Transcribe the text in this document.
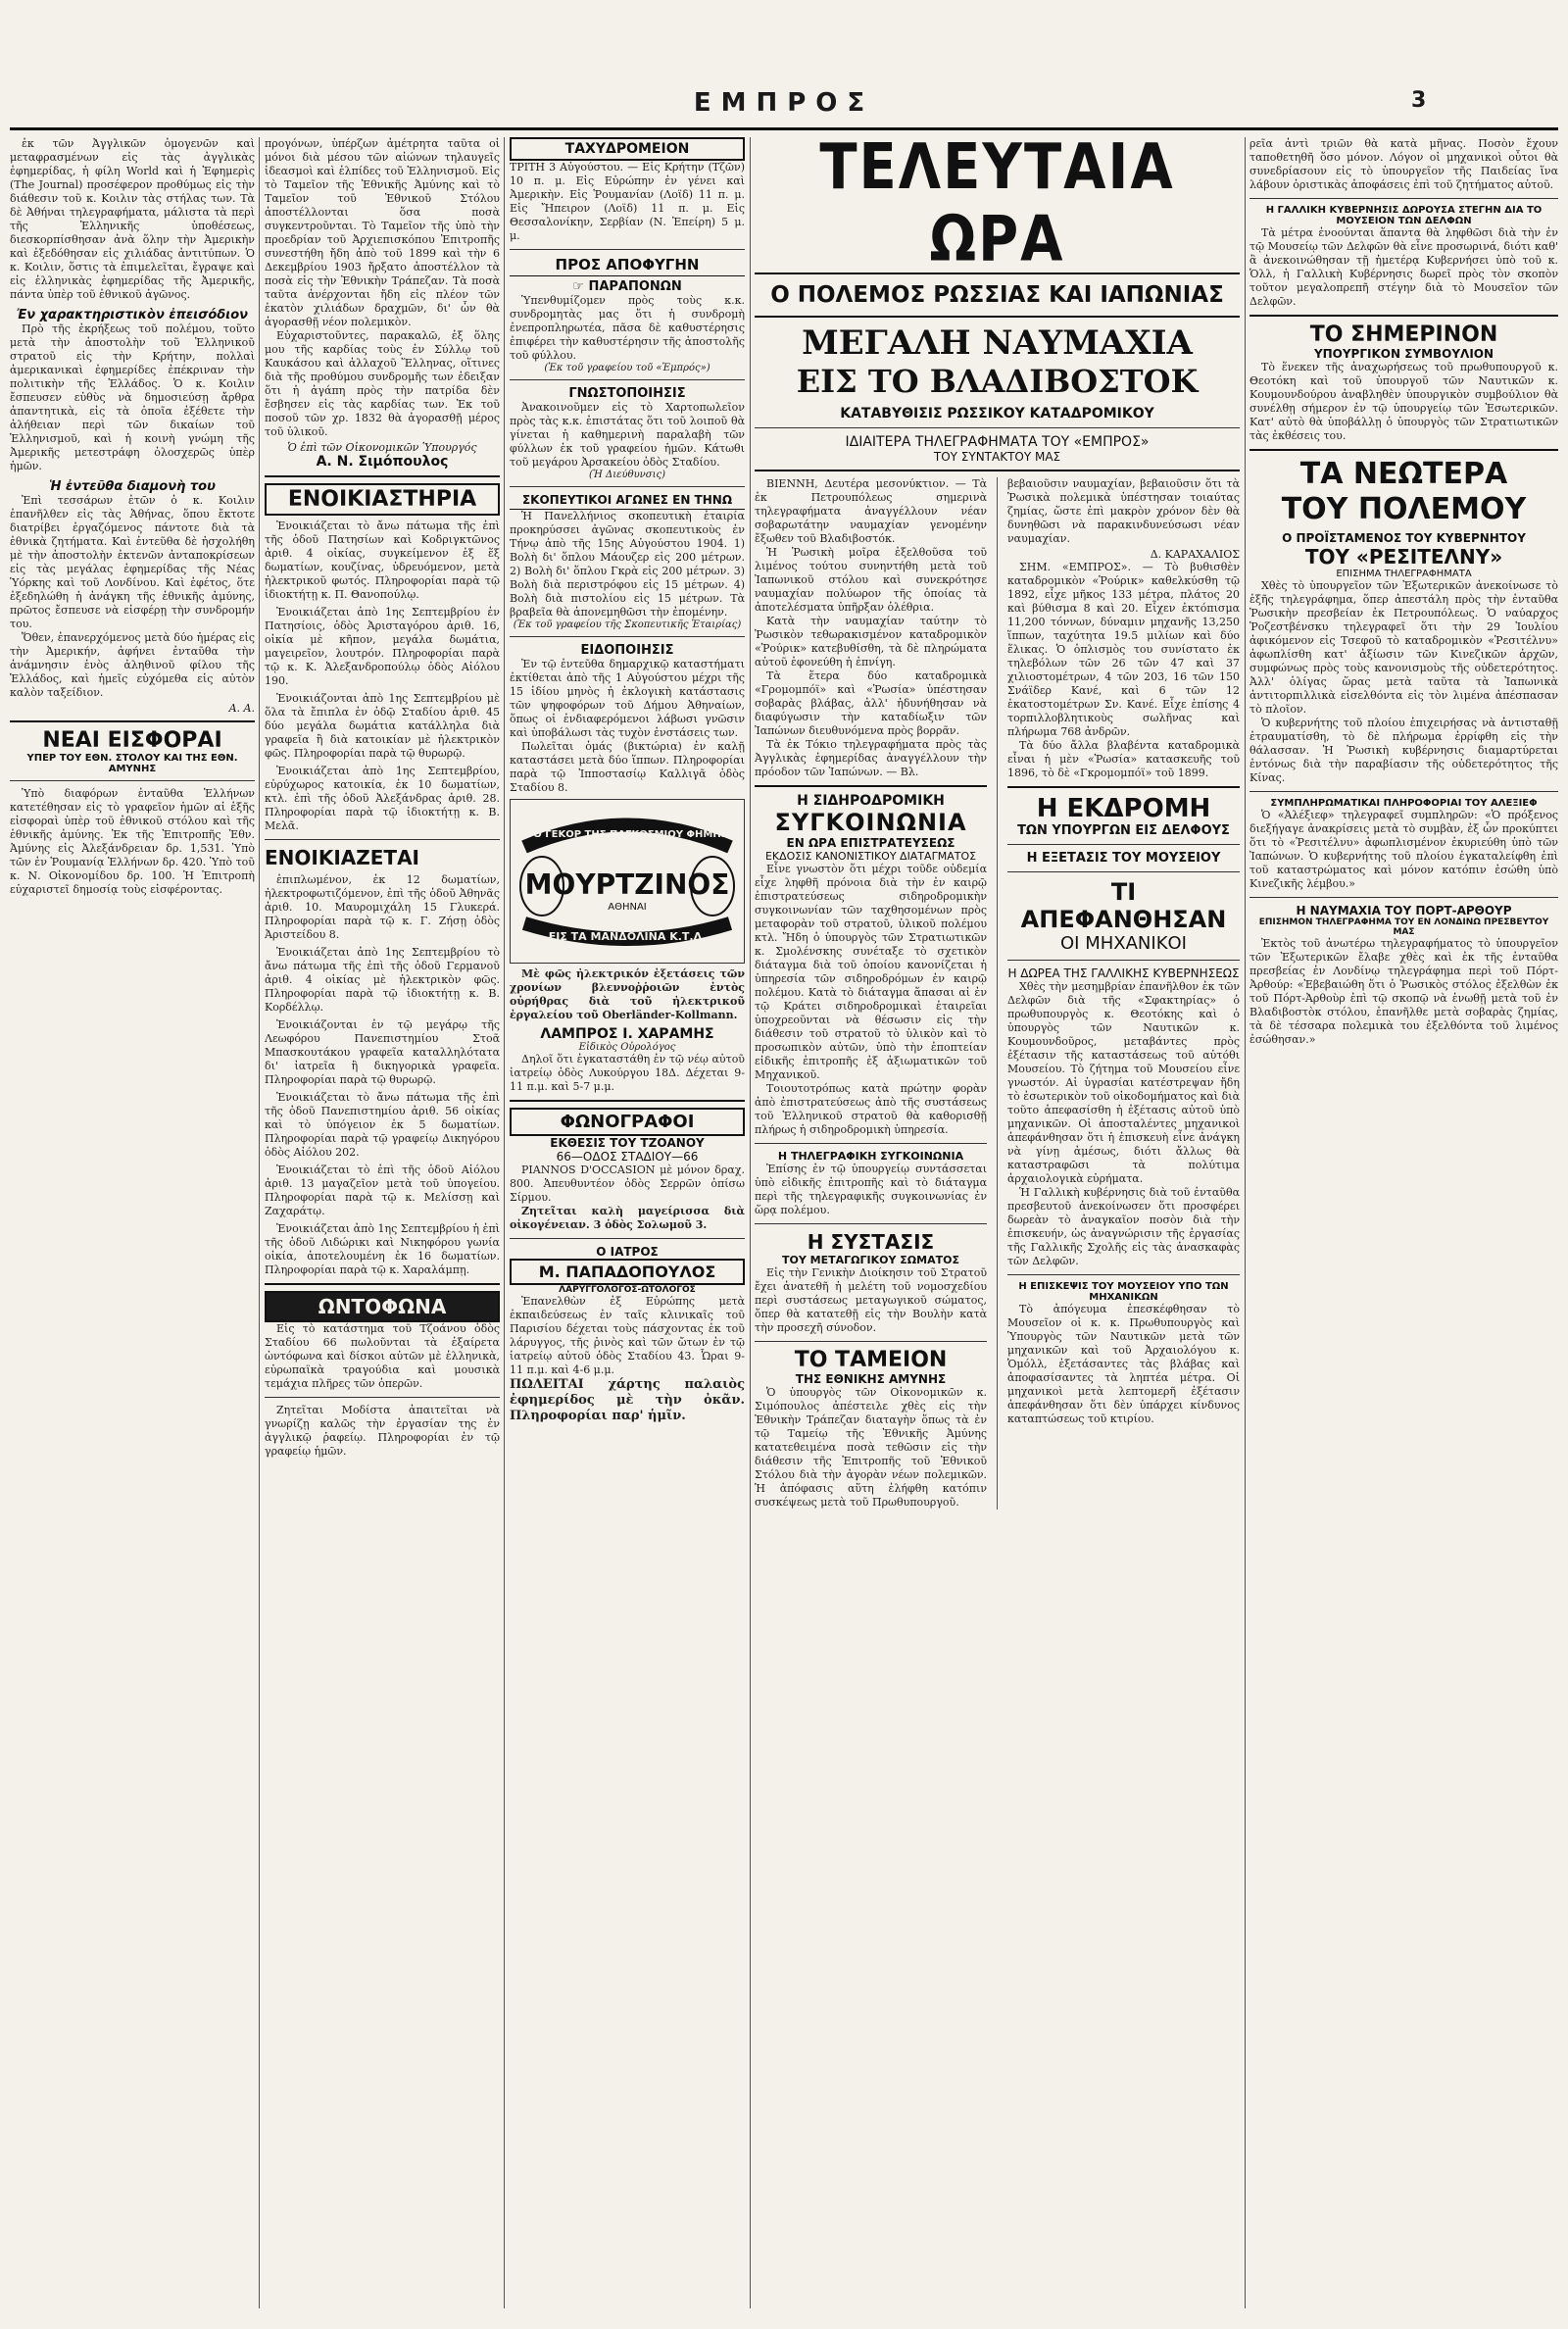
ΕΜΠΡΟΣ	3

ἐκ τῶν Ἀγγλικῶν ὁμογενῶν καὶ μεταφρασμένων εἰς τὰς ἀγγλικὰς ἐφημερίδας, ἡ φίλη World καὶ ἡ Ἐφημερὶς (The Journal) προσέφερον προθύμως εἰς τὴν διάθεσιν τοῦ κ. Κοιλιν τὰς στήλας των. Τὰ δὲ Ἀθήναι τηλεγραφήματα, μάλιστα τὰ περὶ τῆς Ἑλληνικῆς ὑποθέσεως, διεσκορπίσθησαν ἀνὰ ὅλην τὴν Ἀμερικὴν καὶ ἐξεδόθησαν εἰς χιλιάδας ἀντιτύπων. Ὁ κ. Κοιλιν, ὅστις τὰ ἐπιμελεῖται, ἔγραψε καὶ εἰς ἑλληνικὰς ἐφημερίδας τῆς Ἀμερικῆς, πάντα ὑπὲρ τοῦ ἐθνικοῦ ἀγῶνος.

Ἐν χαρακτηριστικὸν ἐπεισόδιον

Πρὸ τῆς ἐκρήξεως τοῦ πολέμου, τοῦτο μετὰ τὴν ἀποστολὴν τοῦ Ἑλληνικοῦ στρατοῦ εἰς τὴν Κρήτην, πολλαὶ ἀμερικανικαὶ ἐφημερίδες ἐπέκριναν τὴν πολιτικὴν τῆς Ἑλλάδος. Ὁ κ. Κοιλιν ἔσπευσεν εὐθὺς νὰ δημοσιεύσῃ ἄρθρα ἀπαντητικὰ, εἰς τὰ ὁποῖα ἐξέθετε τὴν ἀλήθειαν περὶ τῶν δικαίων τοῦ Ἑλληνισμοῦ, καὶ ἡ κοινὴ γνώμη τῆς Ἀμερικῆς μετεστράφη ὁλοσχερῶς ὑπὲρ ἡμῶν.

Ἡ ἐντεῦθα διαμονὴ του

Ἐπὶ τεσσάρων ἐτῶν ὁ κ. Κοιλιν ἐπανῆλθεν εἰς τὰς Ἀθήνας, ὅπου ἔκτοτε διατρίβει ἐργαζόμενος πάντοτε διὰ τὰ ἐθνικὰ ζητήματα. Καὶ ἐντεῦθα δὲ ἠσχολήθη μὲ τὴν ἀποστολὴν ἐκτενῶν ἀνταποκρίσεων εἰς τὰς μεγάλας ἐφημερίδας τῆς Νέας Ὑόρκης καὶ τοῦ Λονδίνου. Καὶ ἐφέτος, ὅτε ἐξεδηλώθη ἡ ἀνάγκη τῆς ἐθνικῆς ἀμύνης, πρῶτος ἔσπευσε νὰ εἰσφέρῃ τὴν συνδρομήν του.

Ὅθεν, ἐπανερχόμενος μετὰ δύο ἡμέρας εἰς τὴν Ἀμερικήν, ἀφήνει ἐνταῦθα τὴν ἀνάμνησιν ἑνὸς ἀληθινοῦ φίλου τῆς Ἑλλάδος, καὶ ἡμεῖς εὐχόμεθα εἰς αὐτὸν καλὸν ταξείδιον.

Α. Α.
ΝΕΑΙ ΕΙΣΦΟΡΑΙ
ΥΠΕΡ ΤΟΥ ΕΘΝ. ΣΤΟΛΟΥ ΚΑΙ ΤΗΣ ΕΘΝ. ΑΜΥΝΗΣ

Ὑπὸ διαφόρων ἐνταῦθα Ἑλλήνων κατετέθησαν εἰς τὸ γραφεῖον ἡμῶν αἱ ἑξῆς εἰσφοραὶ ὑπὲρ τοῦ ἐθνικοῦ στόλου καὶ τῆς ἐθνικῆς ἀμύνης. Ἐκ τῆς Ἐπιτροπῆς Ἐθν. Ἀμύνης εἰς Ἀλεξάνδρειαν δρ. 1,531. Ὑπὸ τῶν ἐν Ῥουμανίᾳ Ἑλλήνων δρ. 420. Ὑπὸ τοῦ κ. Ν. Οἰκονομίδου δρ. 100. Ἡ Ἐπιτροπὴ εὐχαριστεῖ δημοσίᾳ τοὺς εἰσφέροντας.

προγόνων, ὑπέρζων ἀμέτρητα ταῦτα οἱ μόνοι διὰ μέσου τῶν αἰώνων τηλαυγεῖς ἰδεασμοὶ καὶ ἐλπίδες τοῦ Ἑλληνισμοῦ. Εἰς τὸ Ταμεῖον τῆς Ἐθνικῆς Ἀμύνης καὶ τὸ Ταμεῖον τοῦ Ἐθνικοῦ Στόλου ἀποστέλλονται ὅσα ποσὰ συγκεντροῦνται. Τὸ Ταμεῖον τῆς ὑπὸ τὴν προεδρίαν τοῦ Ἀρχιεπισκόπου Ἐπιτροπῆς συνεστήθη ἤδη ἀπὸ τοῦ 1899 καὶ τὴν 6 Δεκεμβρίου 1903 ἤρξατο ἀποστέλλον τὰ ποσὰ εἰς τὴν Ἐθνικὴν Τράπεζαν. Τὰ ποσὰ ταῦτα ἀνέρχονται ἤδη εἰς πλέον τῶν ἑκατὸν χιλιάδων δραχμῶν, δι' ὧν θὰ ἀγορασθῇ νέον πολεμικὸν.

Εὐχαριστοῦντες, παρακαλῶ, ἐξ ὅλης μου τῆς καρδίας τοὺς ἐν Σύλλῳ τοῦ Καυκάσου καὶ ἀλλαχοῦ Ἕλληνας, οἵτινες διὰ τῆς προθύμου συνδρομῆς των ἐδειξαν ὅτι ἡ ἀγάπη πρὸς τὴν πατρίδα δὲν ἔσβησεν εἰς τὰς καρδίας των. Ἐκ τοῦ ποσοῦ τῶν χρ. 1832 θὰ ἀγορασθῇ μέρος τοῦ ὑλικοῦ.

Ὁ ἐπὶ τῶν Οἰκονομικῶν Ὑπουργός
Α. Ν. Σιμόπουλος
ΕΝΟΙΚΙΑΣΤΗΡΙΑ

Ἐνοικιάζεται τὸ ἄνω πάτωμα τῆς ἐπὶ τῆς ὁδοῦ Πατησίων καὶ Κοδριγκτῶνος ἀριθ. 4 οἰκίας, συγκείμενον ἐξ ἕξ δωματίων, κουζίνας, ὑδρευόμενον, μετὰ ἠλεκτρικοῦ φωτός. Πληροφορίαι παρὰ τῷ ἰδιοκτήτῃ κ. Π. Θανοπούλῳ.

Ἐνοικιάζεται ἀπὸ 1ης Σεπτεμβρίου ἐν Πατησίοις, ὁδὸς Ἀρισταγόρου ἀριθ. 16, οἰκία μὲ κῆπον, μεγάλα δωμάτια, μαγειρεῖον, λουτρόν. Πληροφορίαι παρὰ τῷ κ. Κ. Ἀλεξανδροπούλῳ ὁδὸς Αἰόλου 190.

Ἐνοικιάζονται ἀπὸ 1ης Σεπτεμβρίου μὲ ὅλα τὰ ἔπιπλα ἐν ὁδῷ Σταδίου ἀριθ. 45 δύο μεγάλα δωμάτια κατάλληλα διὰ γραφεῖα ἢ διὰ κατοικίαν μὲ ἠλεκτρικὸν φῶς. Πληροφορίαι παρὰ τῷ θυρωρῷ.

Ἐνοικιάζεται ἀπὸ 1ης Σεπτεμβρίου, εὐρύχωρος κατοικία, ἐκ 10 δωματίων, κτλ. ἐπὶ τῆς ὁδοῦ Ἀλεξάνδρας ἀριθ. 28. Πληροφορίαι παρὰ τῷ ἰδιοκτήτῃ κ. Β. Μελᾶ.

ΕΝΟΙΚΙΑΖΕΤΑΙ

ἐπιπλωμένον, ἐκ 12 δωματίων, ἠλεκτροφωτιζόμενον, ἐπὶ τῆς ὁδοῦ Ἀθηνᾶς ἀριθ. 10. Μαυρομιχάλη 15 Γλυκερά. Πληροφορίαι παρὰ τῷ κ. Γ. Ζήσῃ ὁδὸς Ἀριστείδου 8.

Ἐνοικιάζεται ἀπὸ 1ης Σεπτεμβρίου τὸ ἄνω πάτωμα τῆς ἐπὶ τῆς ὁδοῦ Γερμανοῦ ἀριθ. 4 οἰκίας μὲ ἠλεκτρικὸν φῶς. Πληροφορίαι παρὰ τῷ ἰδιοκτήτῃ κ. Β. Κορδέλλῳ.

Ἐνοικιάζονται ἐν τῷ μεγάρῳ τῆς Λεωφόρου Πανεπιστημίου Στοᾶ Μπασκουτάκου γραφεῖα καταλληλότατα δι' ἰατρεῖα ἢ δικηγορικὰ γραφεῖα. Πληροφορίαι παρὰ τῷ θυρωρῷ.

Ἐνοικιάζεται τὸ ἄνω πάτωμα τῆς ἐπὶ τῆς ὁδοῦ Πανεπιστημίου ἀριθ. 56 οἰκίας καὶ τὸ ὑπόγειον ἐκ 5 δωματίων. Πληροφορίαι παρὰ τῷ γραφείῳ Δικηγόρου ὁδὸς Αἰόλου 202.

Ἐνοικιάζεται τὸ ἐπὶ τῆς ὁδοῦ Αἰόλου ἀριθ. 13 μαγαζεῖον μετὰ τοῦ ὑπογείου. Πληροφορίαι παρὰ τῷ κ. Μελίσσῃ καὶ Ζαχαράτῳ.

Ἐνοικιάζεται ἀπὸ 1ης Σεπτεμβρίου ἡ ἐπὶ τῆς ὁδοῦ Λιδώρικι καὶ Νικηφόρου γωνία οἰκία, ἀποτελουμένη ἐκ 16 δωματίων. Πληροφορίαι παρὰ τῷ κ. Χαραλάμπῃ.

ΩΝΤΟΦΩΝΑ

Εἰς τὸ κατάστημα τοῦ Τζοάνου ὁδὸς Σταδίου 66 πωλοῦνται τὰ ἐξαίρετα ὠντόφωνα καὶ δίσκοι αὐτῶν μὲ ἑλληνικὰ, εὐρωπαϊκὰ τραγούδια καὶ μουσικὰ τεμάχια πλῆρες τῶν ὀπερῶν.

Ζητεῖται Μοδίστα ἀπαιτεῖται νὰ γνωρίζῃ καλῶς τὴν ἐργασίαν της ἐν ἀγγλικῷ ῥαφείῳ. Πληροφορίαι ἐν τῷ γραφείῳ ἡμῶν.

ΤΑΧΥΔΡΟΜΕΙΟΝ

ΤΡΙΤΗ 3 Αὐγούστου. — Εἰς Κρήτην (Τζῶν) 10 π. μ. Εἰς Εὐρώπην ἐν γένει καὶ Ἀμερικὴν. Εἰς Ῥουμανίαν (Λοϊδ) 11 π. μ. Εἰς Ἤπειρον (Λοϊδ) 11 π. μ. Εἰς Θεσσαλονίκην, Σερβίαν (Ν. Ἐπείρη) 5 μ. μ.

ΠΡΟΣ ΑΠΟΦΥΓΗΝ
☞ ΠΑΡΑΠΟΝΩΝ

Ὑπενθυμίζομεν πρὸς τοὺς κ.κ. συνδρομητὰς μας ὅτι ἡ συνδρομὴ ἐνεπροπληρωτέα, πᾶσα δὲ καθυστέρησις ἐπιφέρει τὴν καθυστέρησιν τῆς ἀποστολῆς τοῦ φύλλου.

(Ἐκ τοῦ γραφείου τοῦ «Ἐμπρός»)
ΓΝΩΣΤΟΠΟΙΗΣΙΣ

Ἀνακοινοῦμεν εἰς τὸ Χαρτοπωλεῖον πρὸς τὰς κ.κ. ἐπιστάτας ὅτι τοῦ λοιποῦ θὰ γίνεται ἡ καθημερινὴ παραλαβὴ τῶν φύλλων ἐκ τοῦ γραφείου ἡμῶν. Κάτωθι τοῦ μεγάρου Ἀρσακείου ὁδὸς Σταδίου.

(Ἡ Διεύθυνσις)
ΣΚΟΠΕΥΤΙΚΟΙ ΑΓΩΝΕΣ ΕΝ ΤΗΝΩ

Ἡ Πανελλήνιος σκοπευτικὴ ἑταιρία προκηρύσσει ἀγῶνας σκοπευτικοὺς ἐν Τήνῳ ἀπὸ τῆς 15ης Αὐγούστου 1904. 1) Βολὴ δι' ὅπλου Μάουζερ εἰς 200 μέτρων. 2) Βολὴ δι' ὅπλου Γκρὰ εἰς 200 μέτρων. 3) Βολὴ διὰ περιστρόφου εἰς 15 μέτρων. 4) Βολὴ διὰ πιστολίου εἰς 15 μέτρων. Τὰ βραβεῖα θὰ ἀπονεμηθῶσι τὴν ἐπομένην.

(Ἐκ τοῦ γραφείου τῆς Σκοπευτικῆς Ἑταιρίας)
ΕΙΔΟΠΟΙΗΣΙΣ

Ἐν τῷ ἐντεῦθα δημαρχικῷ καταστήματι ἐκτίθεται ἀπὸ τῆς 1 Αὐγούστου μέχρι τῆς 15 ἰδίου μηνὸς ἡ ἐκλογικὴ κατάστασις τῶν ψηφοφόρων τοῦ Δήμου Ἀθηναίων, ὅπως οἱ ἐνδιαφερόμενοι λάβωσι γνῶσιν καὶ ὑποβάλωσι τὰς τυχὸν ἐνστάσεις των.

Πωλεῖται ὁμάς (βικτώρια) ἐν καλῇ καταστάσει μετὰ δύο ἵππων. Πληροφορίαι παρὰ τῷ Ἰπποστασίῳ Καλλιγᾶ ὁδὸς Σταδίου 8.

ΤΟ ΓΕΚΟΡ ΤΗΣ ΠΑΓΚΟΣΜΙΟΥ ΦΗΜΗΣ
ΜΟΥΡΤΖΙΝΟΣ
ΑΘΗΝΑΙ
ΕΙΣ ΤΑ ΜΑΝΔΟΛΙΝΑ Κ.Τ.Λ.

Μὲ φῶς ἠλεκτρικόν ἐξετάσεις τῶν χρονίων βλεννοῤῥοιῶν ἐντὸς οὐρήθρας διὰ τοῦ ἠλεκτρικοῦ ἐργαλείου τοῦ Oberländer-Kollmann.

ΛΑΜΠΡΟΣ Ι. ΧΑΡΑΜΗΣ
Εἰδικὸς Οὐρολόγος

Δηλοῖ ὅτι ἐγκαταστάθη ἐν τῷ νέῳ αὐτοῦ ἰατρείῳ ὁδὸς Λυκούργου 18Δ. Δέχεται 9-11 π.μ. καὶ 5-7 μ.μ.

ΦΩΝΟΓΡΑΦΟΙ
ΕΚΘΕΣΙΣ ΤΟΥ ΤΖΟΑΝΟΥ
66—ΟΔΟΣ ΣΤΑΔΙΟΥ—66

PIANNOS D'OCCASION μὲ μόνον δραχ. 800. Ἀπευθυντέον ὁδὸς Σερρῶν ὀπίσω Σίρμου.

Ζητεῖται καλὴ μαγείρισσα διὰ οἰκογένειαν. 3 ὁδὸς Σολωμοῦ 3.

Ο ΙΑΤΡΟΣ
Μ. ΠΑΠΑΔΟΠΟΥΛΟΣ
ΛΑΡΥΓΓΟΛΟΓΟΣ-ΩΤΟΛΟΓΟΣ

Ἐπανελθὼν ἐξ Εὐρώπης μετὰ ἐκπαιδεύσεως ἐν ταῖς κλινικαῖς τοῦ Παρισίου δέχεται τοὺς πάσχοντας ἐκ τοῦ λάρυγγος, τῆς ῥινὸς καὶ τῶν ὤτων ἐν τῷ ἰατρείῳ αὐτοῦ ὁδὸς Σταδίου 43. Ὧραι 9-11 π.μ. καὶ 4-6 μ.μ.

ΠΩΛΕΙΤΑΙ χάρτης παλαιὸς ἐφημερίδος μὲ τὴν ὀκᾶν. Πληροφορίαι παρ' ἡμῖν.

ΤΕΛΕΥΤΑΙΑ ΩΡΑ
Ο ΠΟΛΕΜΟΣ ΡΩΣΣΙΑΣ ΚΑΙ ΙΑΠΩΝΙΑΣ
ΜΕΓΑΛΗ ΝΑΥΜΑΧΙΑ
ΕΙΣ ΤΟ ΒΛΑΔΙΒΟΣΤΟΚ
ΚΑΤΑΒΥΘΙΣΙΣ ΡΩΣΣΙΚΟΥ ΚΑΤΑΔΡΟΜΙΚΟΥ
ΙΔΙΑΙΤΕΡΑ ΤΗΛΕΓΡΑΦΗΜΑΤΑ ΤΟΥ «ΕΜΠΡΟΣ»
ΤΟΥ ΣΥΝΤΑΚΤΟΥ ΜΑΣ

ΒΙΕΝΝΗ, Δευτέρα μεσονύκτιον. — Τὰ ἐκ Πετρουπόλεως σημερινὰ τηλεγραφήματα ἀναγγέλλουν νέαν σοβαρωτάτην ναυμαχίαν γενομένην ἔξωθεν τοῦ Βλαδιβοστόκ.

Ἡ Ῥωσικὴ μοῖρα ἐξελθοῦσα τοῦ λιμένος τούτου συνηντήθη μετὰ τοῦ Ἰαπωνικοῦ στόλου καὶ συνεκρότησε ναυμαχίαν πολύωρον τῆς ὁποίας τὰ ἀποτελέσματα ὑπῆρξαν ὀλέθρια.

Κατὰ τὴν ναυμαχίαν ταύτην τὸ Ῥωσικὸν τεθωρακισμένον καταδρομικὸν «Ῥούρικ» κατεβυθίσθη, τὰ δὲ πληρώματα αὐτοῦ ἐφονεύθη ἡ ἐπνίγη.

Τὰ ἕτερα δύο καταδρομικὰ «Γρομομπόϊ» καὶ «Ῥωσία» ὑπέστησαν σοβαρὰς βλάβας, ἀλλ' ἠδυνήθησαν νὰ διαφύγωσιν τὴν καταδίωξιν τῶν Ἰαπώνων διευθυνόμενα πρὸς βορρᾶν.

Τὰ ἐκ Τόκιο τηλεγραφήματα πρὸς τὰς Ἀγγλικὰς ἐφημερίδας ἀναγγέλλουν τὴν πρόοδον τῶν Ἰαπώνων. — Βλ.

Η ΣΙΔΗΡΟΔΡΟΜΙΚΗ
ΣΥΓΚΟΙΝΩΝΙΑ
ΕΝ ΩΡΑ ΕΠΙΣΤΡΑΤΕΥΣΕΩΣ
ΕΚΔΟΣΙΣ ΚΑΝΟΝΙΣΤΙΚΟΥ ΔΙΑΤΑΓΜΑΤΟΣ

Εἶνε γνωστὸν ὅτι μέχρι τοῦδε οὐδεμία εἶχε ληφθῆ πρόνοια διὰ τὴν ἐν καιρῷ ἐπιστρατεύσεως σιδηροδρομικὴν συγκοινωνίαν τῶν ταχθησομένων πρὸς μεταφορὰν τοῦ στρατοῦ, ὑλικοῦ πολέμου κτλ. Ἤδη ὁ ὑπουργὸς τῶν Στρατιωτικῶν κ. Σμολένσκης συνέταξε τὸ σχετικὸν διάταγμα διὰ τοῦ ὁποίου κανονίζεται ἡ ὑπηρεσία τῶν σιδηροδρόμων ἐν καιρῷ πολέμου. Κατὰ τὸ διάταγμα ἅπασαι αἱ ἐν τῷ Κράτει σιδηροδρομικαὶ ἑταιρεῖαι ὑποχρεοῦνται νὰ θέσωσιν εἰς τὴν διάθεσιν τοῦ στρατοῦ τὸ ὑλικὸν καὶ τὸ προσωπικὸν αὐτῶν, ὑπὸ τὴν ἐποπτείαν εἰδικῆς ἐπιτροπῆς ἐξ ἀξιωματικῶν τοῦ Μηχανικοῦ.

Τοιουτοτρόπως κατὰ πρώτην φορὰν ἀπὸ ἐπιστρατεύσεως ἀπὸ τῆς συστάσεως τοῦ Ἑλληνικοῦ στρατοῦ θὰ καθορισθῇ πλήρως ἡ σιδηροδρομικὴ ὑπηρεσία.

Η ΤΗΛΕΓΡΑΦΙΚΗ ΣΥΓΚΟΙΝΩΝΙΑ

Ἐπίσης ἐν τῷ ὑπουργείῳ συντάσσεται ὑπὸ εἰδικῆς ἐπιτροπῆς καὶ τὸ διάταγμα περὶ τῆς τηλεγραφικῆς συγκοινωνίας ἐν ὥρᾳ πολέμου.

Η ΣΥΣΤΑΣΙΣ
ΤΟΥ ΜΕΤΑΓΩΓΙΚΟΥ ΣΩΜΑΤΟΣ

Εἰς τὴν Γενικὴν Διοίκησιν τοῦ Στρατοῦ ἔχει ἀνατεθῆ ἡ μελέτη τοῦ νομοσχεδίου περὶ συστάσεως μεταγωγικοῦ σώματος, ὅπερ θὰ κατατεθῇ εἰς τὴν Βουλὴν κατὰ τὴν προσεχῆ σύνοδον.

ΤΟ ΤΑΜΕΙΟΝ
ΤΗΣ ΕΘΝΙΚΗΣ ΑΜΥΝΗΣ

Ὁ ὑπουργὸς τῶν Οἰκονομικῶν κ. Σιμόπουλος ἀπέστειλε χθὲς εἰς τὴν Ἐθνικὴν Τράπεζαν διαταγὴν ὅπως τὰ ἐν τῷ Ταμείῳ τῆς Ἐθνικῆς Ἀμύνης κατατεθειμένα ποσὰ τεθῶσιν εἰς τὴν διάθεσιν τῆς Ἐπιτροπῆς τοῦ Ἐθνικοῦ Στόλου διὰ τὴν ἀγορὰν νέων πολεμικῶν. Ἡ ἀπόφασις αὕτη ἐλήφθη κατόπιν συσκέψεως μετὰ τοῦ Πρωθυπουργοῦ.

βεβαιοῦσιν ναυμαχίαν, βεβαιοῦσιν ὅτι τὰ Ῥωσικὰ πολεμικὰ ὑπέστησαν τοιαύτας ζημίας, ὥστε ἐπὶ μακρὸν χρόνον δὲν θὰ δυνηθῶσι νὰ παρακινδυνεύσωσι νέαν ναυμαχίαν.

Δ. ΚΑΡΑΧΑΛΙΟΣ

ΣΗΜ. «ΕΜΠΡΟΣ». — Τὸ βυθισθὲν καταδρομικὸν «Ῥούρικ» καθελκύσθη τῷ 1892, εἶχε μῆκος 133 μέτρα, πλάτος 20 καὶ βύθισμα 8 καὶ 20. Εἶχεν ἐκτόπισμα 11,200 τόννων, δύναμιν μηχανῆς 13,250 ἵππων, ταχύτητα 19.5 μιλίων καὶ δύο ἕλικας. Ὁ ὁπλισμὸς του συνίστατο ἐκ τηλεβόλων τῶν 26 τῶν 47 καὶ 37 χιλιοστομέτρων, 4 τῶν 203, 16 τῶν 150 Σνάϊδερ Κανέ, καὶ 6 τῶν 12 ἑκατοστομέτρων Σν. Κανέ. Εἶχε ἐπίσης 4 τορπιλλοβλητικοὺς σωλῆνας καὶ πλήρωμα 768 ἀνδρῶν.

Τὰ δύο ἄλλα βλαβέντα καταδρομικὰ εἶναι ἡ μὲν «Ῥωσία» κατασκευῆς τοῦ 1896, τὸ δὲ «Γκρομομπόϊ» τοῦ 1899.

Η ΕΚΔΡΟΜΗ
ΤΩΝ ΥΠΟΥΡΓΩΝ ΕΙΣ ΔΕΛΦΟΥΣ
Η ΕΞΕΤΑΣΙΣ ΤΟΥ ΜΟΥΣΕΙΟΥ
ΤΙ ΑΠΕΦΑΝΘΗΣΑΝ
ΟΙ ΜΗΧΑΝΙΚΟΙ
Η ΔΩΡΕΑ ΤΗΣ ΓΑΛΛΙΚΗΣ ΚΥΒΕΡΝΗΣΕΩΣ

Χθὲς τὴν μεσημβρίαν ἐπανῆλθον ἐκ τῶν Δελφῶν διὰ τῆς «Σφακτηρίας» ὁ πρωθυπουργὸς κ. Θεοτόκης καὶ ὁ ὑπουργὸς τῶν Ναυτικῶν κ. Κουμουνδοῦρος, μεταβάντες πρὸς ἐξέτασιν τῆς καταστάσεως τοῦ αὐτόθι Μουσείου. Τὸ ζήτημα τοῦ Μουσείου εἶνε γνωστόν. Αἱ ὑγρασίαι κατέστρεψαν ἤδη τὸ ἐσωτερικὸν τοῦ οἰκοδομήματος καὶ διὰ τοῦτο ἀπεφασίσθη ἡ ἐξέτασις αὐτοῦ ὑπὸ μηχανικῶν. Οἱ ἀποσταλέντες μηχανικοὶ ἀπεφάνθησαν ὅτι ἡ ἐπισκευὴ εἶνε ἀνάγκη νὰ γίνῃ ἀμέσως, διότι ἄλλως θὰ καταστραφῶσι τὰ πολύτιμα ἀρχαιολογικὰ εὑρήματα.

Ἡ Γαλλικὴ κυβέρνησις διὰ τοῦ ἐνταῦθα πρεσβευτοῦ ἀνεκοίνωσεν ὅτι προσφέρει δωρεὰν τὸ ἀναγκαῖον ποσὸν διὰ τὴν ἐπισκευήν, ὡς ἀναγνώρισιν τῆς ἐργασίας τῆς Γαλλικῆς Σχολῆς εἰς τὰς ἀνασκαφὰς τῶν Δελφῶν.

Η ΕΠΙΣΚΕΨΙΣ ΤΟΥ ΜΟΥΣΕΙΟΥ ΥΠΟ ΤΩΝ ΜΗΧΑΝΙΚΩΝ

Τὸ ἀπόγευμα ἐπεσκέφθησαν τὸ Μουσεῖον οἱ κ. κ. Πρωθυπουργὸς καὶ Ὑπουργὸς τῶν Ναυτικῶν μετὰ τῶν μηχανικῶν καὶ τοῦ Ἀρχαιολόγου κ. Ὁμόλλ, ἐξετάσαντες τὰς βλάβας καὶ ἀποφασίσαντες τὰ ληπτέα μέτρα. Οἱ μηχανικοὶ μετὰ λεπτομερῆ ἐξέτασιν ἀπεφάνθησαν ὅτι δὲν ὑπάρχει κίνδυνος καταπτώσεως τοῦ κτιρίου.

ρεῖα ἀντὶ τριῶν θὰ κατὰ μῆνας. Ποσὸν ἔχουν ταποθετηθῆ ὅσο μόνον. Λόγον οἱ μηχανικοὶ οὗτοι θὰ συνεδρίασουν εἰς τὸ ὑπουργεῖον τῆς Παιδείας ἵνα λάβουν ὁριστικὰς ἀποφάσεις ἐπὶ τοῦ ζητήματος αὐτοῦ.

Η ΓΑΛΛΙΚΗ ΚΥΒΕΡΝΗΣΙΣ ΔΩΡΟΥΣΑ ΣΤΕΓΗΝ ΔΙΑ ΤΟ ΜΟΥΣΕΙΟΝ ΤΩΝ ΔΕΛΦΩΝ

Τὰ μέτρα ἐνοούνται ἅπαντα θὰ ληφθῶσι διὰ τὴν ἐν τῷ Μουσείῳ τῶν Δελφῶν θὰ εἶνε προσωρινά, διότι καθ' ἃ ἀνεκοινώθησαν τῇ ἡμετέρᾳ Κυβερνήσει ὑπὸ τοῦ κ. Ὁλλ, ἡ Γαλλικὴ Κυβέρνησις δωρεῖ πρὸς τὸν σκοπὸν τοῦτον μεγαλοπρεπῆ στέγην διὰ τὸ Μουσεῖον τῶν Δελφῶν.

ΤΟ ΣΗΜΕΡΙΝΟΝ
ΥΠΟΥΡΓΙΚΟΝ ΣΥΜΒΟΥΛΙΟΝ

Τὸ ἕνεκεν τῆς ἀναχωρήσεως τοῦ πρωθυπουργοῦ κ. Θεοτόκη καὶ τοῦ ὑπουργοῦ τῶν Ναυτικῶν κ. Κουμουνδούρου ἀναβληθὲν ὑπουργικὸν συμβούλιον θὰ συνέλθῃ σήμερον ἐν τῷ ὑπουργείῳ τῶν Ἐσωτερικῶν. Κατ' αὐτὸ θὰ ὑποβάλλῃ ὁ ὑπουργὸς τῶν Στρατιωτικῶν τὰς ἐκθέσεις του.

ΤΑ ΝΕΩΤΕΡΑ
ΤΟΥ ΠΟΛΕΜΟΥ
Ο ΠΡΟΪΣΤΑΜΕΝΟΣ ΤΟΥ ΚΥΒΕΡΝΗΤΟΥ
ΤΟΥ «ΡΕΣΙΤΕΛΝΥ»
ΕΠΙΣΗΜΑ ΤΗΛΕΓΡΑΦΗΜΑΤΑ

Χθὲς τὸ ὑπουργεῖον τῶν Ἐξωτερικῶν ἀνεκοίνωσε τὸ ἑξῆς τηλεγράφημα, ὅπερ ἀπεστάλη πρὸς τὴν ἐνταῦθα Ῥωσικὴν πρεσβείαν ἐκ Πετρουπόλεως. Ὁ ναύαρχος Ῥοζεστβένσκυ τηλεγραφεῖ ὅτι τὴν 29 Ἰουλίου ἀφικόμενον εἰς Τσεφοῦ τὸ καταδρομικὸν «Ῥεσιτέλνυ» ἀφωπλίσθη κατ' ἀξίωσιν τῶν Κινεζικῶν ἀρχῶν, συμφώνως πρὸς τοὺς κανονισμοὺς τῆς οὐδετερότητος. Ἀλλ' ὁλίγας ὥρας μετὰ ταῦτα τὰ Ἰαπωνικὰ ἀντιτορπιλλικὰ εἰσελθόντα εἰς τὸν λιμένα ἀπέσπασαν τὸ πλοῖον.

Ὁ κυβερνήτης τοῦ πλοίου ἐπιχειρήσας νὰ ἀντισταθῇ ἐτραυματίσθη, τὸ δὲ πλήρωμα ἐρρίφθη εἰς τὴν θάλασσαν. Ἡ Ῥωσικὴ κυβέρνησις διαμαρτύρεται ἐντόνως διὰ τὴν παραβίασιν τῆς οὐδετερότητος τῆς Κίνας.

ΣΥΜΠΛΗΡΩΜΑΤΙΚΑΙ ΠΛΗΡΟΦΟΡΙΑΙ ΤΟΥ ΑΛΕΞΙΕΦ

Ὁ «Ἀλέξιεφ» τηλεγραφεῖ συμπληρῶν: «Ὁ πρόξενος διεξήγαγε ἀνακρίσεις μετὰ τὸ συμβὰν, ἐξ ὧν προκύπτει ὅτι τὸ «Ῥεσιτέλνυ» ἀφωπλισμένον ἐκυριεύθη ὑπὸ τῶν Ἰαπώνων. Ὁ κυβερνήτης τοῦ πλοίου ἐγκαταλείφθη ἐπὶ τοῦ καταστρώματος καὶ μόνον κατόπιν ἐσώθη ὑπὸ Κινεζικῆς λέμβου.»

Η ΝΑΥΜΑΧΙΑ ΤΟΥ ΠΟΡΤ-ΑΡΘΟΥΡ
ΕΠΙΣΗΜΟΝ ΤΗΛΕΓΡΑΦΗΜΑ ΤΟΥ ΕΝ ΛΟΝΔΙΝΩ ΠΡΕΣΒΕΥΤΟΥ ΜΑΣ

Ἐκτὸς τοῦ ἀνωτέρω τηλεγραφήματος τὸ ὑπουργεῖον τῶν Ἐξωτερικῶν ἔλαβε χθὲς καὶ ἐκ τῆς ἐνταῦθα πρεσβείας ἐν Λονδίνῳ τηλεγράφημα περὶ τοῦ Πόρτ-Ἀρθούρ: «Ἐβεβαιώθη ὅτι ὁ Ῥωσικὸς στόλος ἐξελθὼν ἐκ τοῦ Πόρτ-Ἀρθοὺρ ἐπὶ τῷ σκοπῷ νὰ ἑνωθῇ μετὰ τοῦ ἐν Βλαδιβοστὸκ στόλου, ἐπανῆλθε μετὰ σοβαρὰς ζημίας, τὰ δὲ τέσσαρα πολεμικὰ του ἐξελθόντα τοῦ λιμένος ἐσώθησαν.»
